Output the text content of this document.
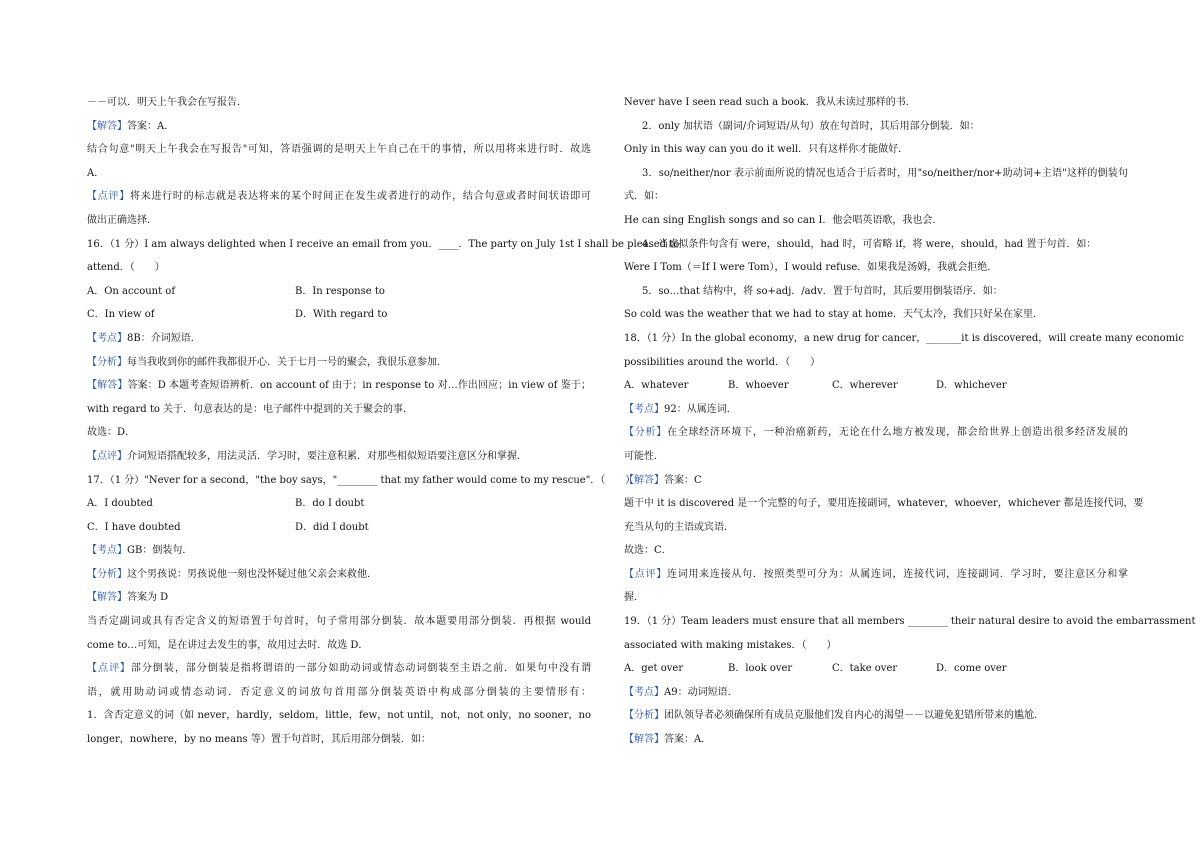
－－可以．明天上午我会在写报告．
【解答】答案：A．
结合句意"明天上午我会在写报告"可知，答语强调的是明天上午自己在干的事情，所以用将来进行时．故选
A．
【点评】将来进行时的标志就是表达将来的某个时间正在发生或者进行的动作，结合句意或者时间状语即可
做出正确选择．
16．（1 分）I am always delighted when I receive an email from you．____．The party on July 1st I shall be pleased to
attend．（　　）
A．On account of	B．In response to
C．In view of	D．With regard to
【考点】8B：介词短语．
【分析】每当我收到你的邮件我都很开心．关于七月一号的聚会，我很乐意参加．
【解答】答案：D 本题考查短语辨析．on account of 由于；in response to 对…作出回应；in view of 鉴于；
with regard to 关于．句意表达的是：电子邮件中提到的关于聚会的事．
故选：D．
【点评】介词短语搭配较多，用法灵活．学习时，要注意积累．对那些相似短语要注意区分和掌握．
17．（1 分）"Never for a second，"the boy says，"________ that my father would come to my rescue"．（　　）
A．I doubted	B．do I doubt
C．I have doubted	D．did I doubt
【考点】GB：倒装句．
【分析】这个男孩说：男孩说他一刻也没怀疑过他父亲会来救他．
【解答】答案为 D
当否定副词或具有否定含义的短语置于句首时，句子常用部分倒装．故本题要用部分倒装．再根据 would
come to…可知，是在讲过去发生的事，故用过去时．故选 D．
【点评】部分倒装，部分倒装是指将谓语的一部分如助动词或情态动词倒装至主语之前．如果句中没有谓
语，就用助动词或情态动词．否定意义的词放句首用部分倒装英语中构成部分倒装的主要情形有：
1．含否定意义的词（如 never，hardly，seldom，little，few，not until，not，not only，no sooner，no
longer，nowhere，by no means 等）置于句首时，其后用部分倒装．如：
Never have I seen read such a book．我从未读过那样的书．
2．only 加状语（副词/介词短语/从句）放在句首时，其后用部分倒装．如：
Only in this way can you do it well．只有这样你才能做好．
3．so/neither/nor 表示前面所说的情况也适合于后者时，用"so/neither/nor+助动词+主语"这样的倒装句
式．如：
He can sing English songs and so can I．他会唱英语歌，我也会．
4．当虚拟条件句含有 were，should，had 时，可省略 if，将 were，should，had 置于句首．如：
Were I Tom（＝If I were Tom），I would refuse．如果我是汤姆，我就会拒绝．
5．so…that 结构中，将 so+adj．/adv．置于句首时，其后要用倒装语序．如：
So cold was the weather that we had to stay at home．天气太冷，我们只好呆在家里．
18．（1 分）In the global economy，a new drug for cancer，_______it is discovered，will create many economic
possibilities around the world．（　　）
A．whatever	B．whoever	C．wherever	D．whichever
【考点】92：从属连词．
【分析】在全球经济环境下，一种治癌新药，无论在什么地方被发现，都会给世界上创造出很多经济发展的
可能性．
【解答】答案：C
题干中 it is discovered 是一个完整的句子，要用连接副词，whatever，whoever，whichever 都是连接代词，要
充当从句的主语或宾语．
故选：C．
【点评】连词用来连接从句．按照类型可分为：从属连词，连接代词，连接副词．学习时，要注意区分和掌
握．
19．（1 分）Team leaders must ensure that all members ________ their natural desire to avoid the embarrassment
associated with making mistakes．（　　）
A．get over	B．look over	C．take over	D．come over
【考点】A9：动词短语．
【分析】团队领导者必须确保所有成员克服他们发自内心的渴望－－以避免犯错所带来的尴尬．
【解答】答案：A．
